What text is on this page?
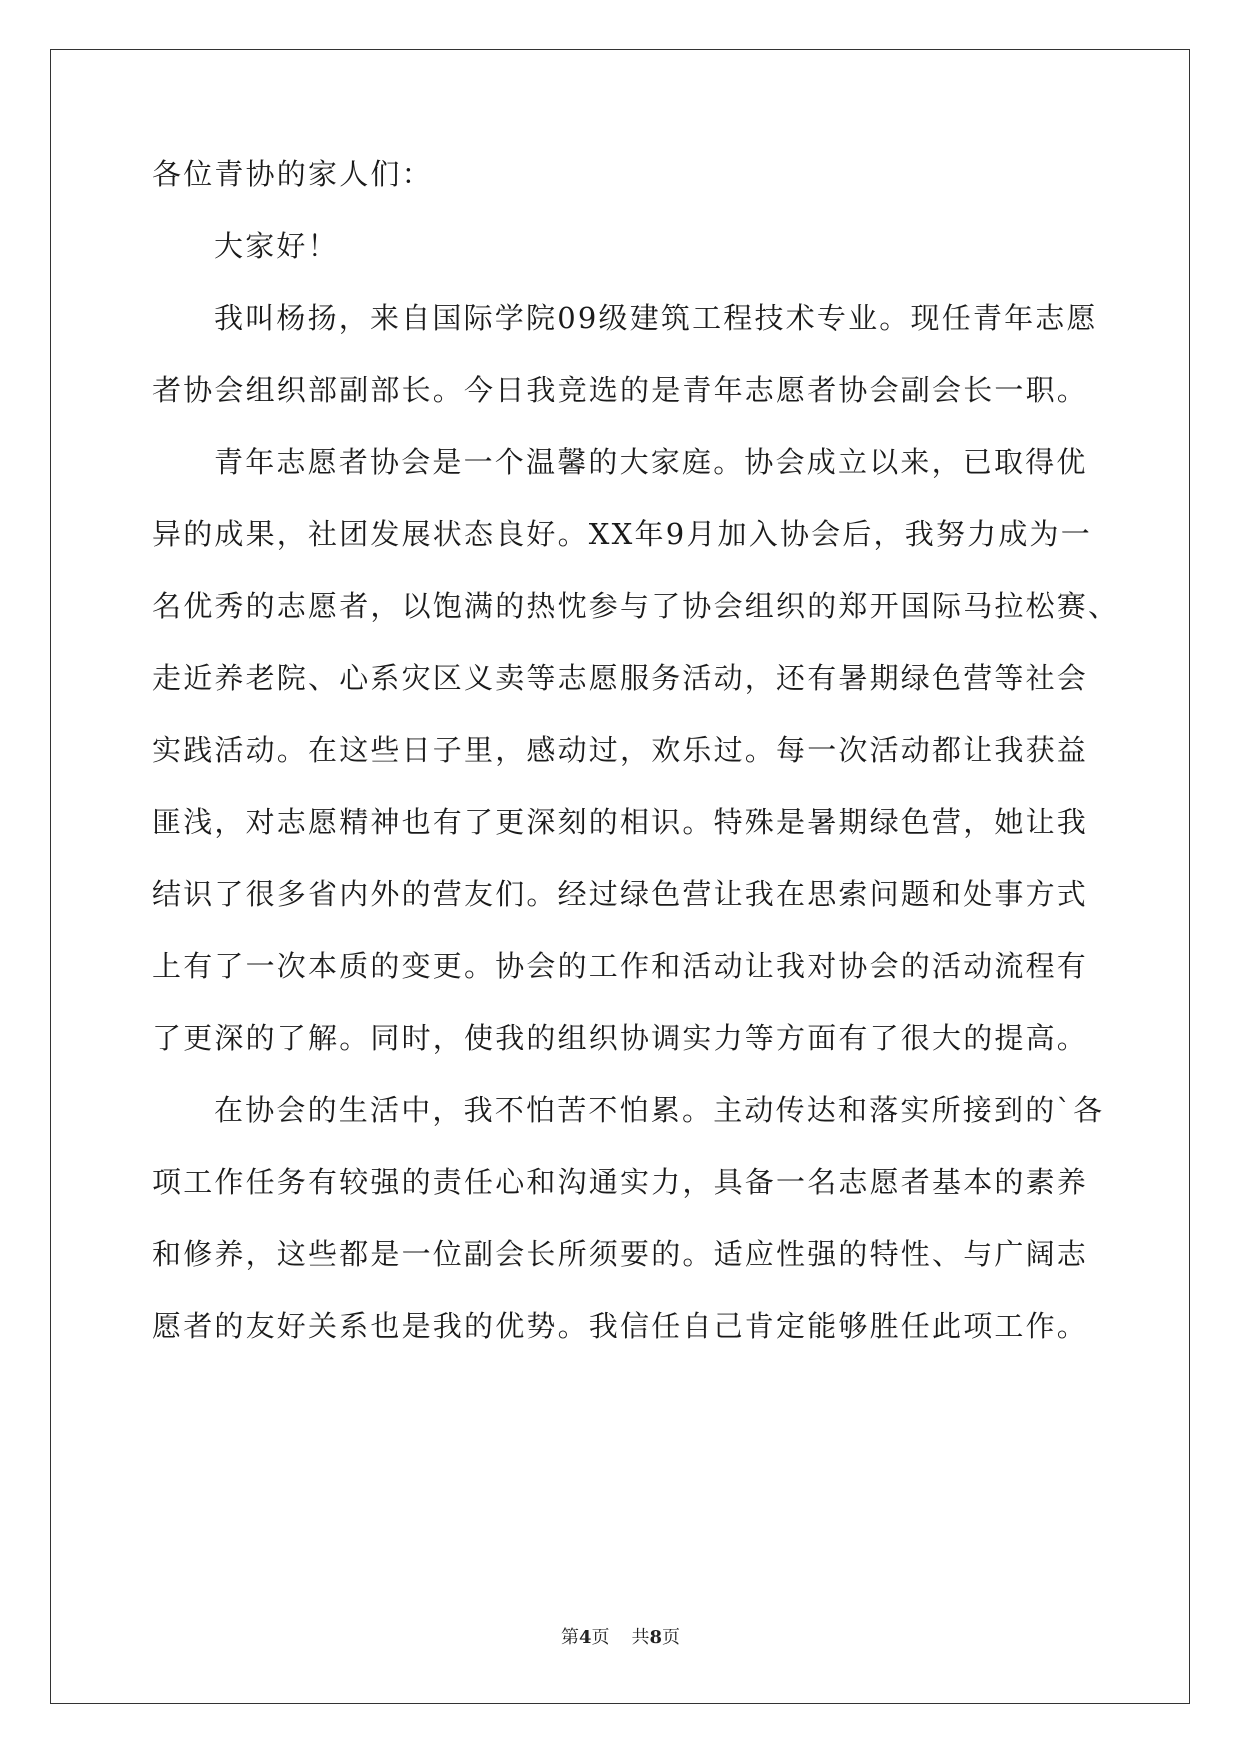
各位青协的家人们：
大家好！
我叫杨扬，来自国际学院09级建筑工程技术专业。现任青年志愿
者协会组织部副部长。今日我竞选的是青年志愿者协会副会长一职。
青年志愿者协会是一个温馨的大家庭。协会成立以来，已取得优
异的成果，社团发展状态良好。XX年9月加入协会后，我努力成为一
名优秀的志愿者，以饱满的热忱参与了协会组织的郑开国际马拉松赛、
走近养老院、心系灾区义卖等志愿服务活动，还有暑期绿色营等社会
实践活动。在这些日子里，感动过，欢乐过。每一次活动都让我获益
匪浅，对志愿精神也有了更深刻的相识。特殊是暑期绿色营，她让我
结识了很多省内外的营友们。经过绿色营让我在思索问题和处事方式
上有了一次本质的变更。协会的工作和活动让我对协会的活动流程有
了更深的了解。同时，使我的组织协调实力等方面有了很大的提高。
在协会的生活中，我不怕苦不怕累。主动传达和落实所接到的`各
项工作任务有较强的责任心和沟通实力，具备一名志愿者基本的素养
和修养，这些都是一位副会长所须要的。适应性强的特性、与广阔志
愿者的友好关系也是我的优势。我信任自己肯定能够胜任此项工作。
第4页 共8页
